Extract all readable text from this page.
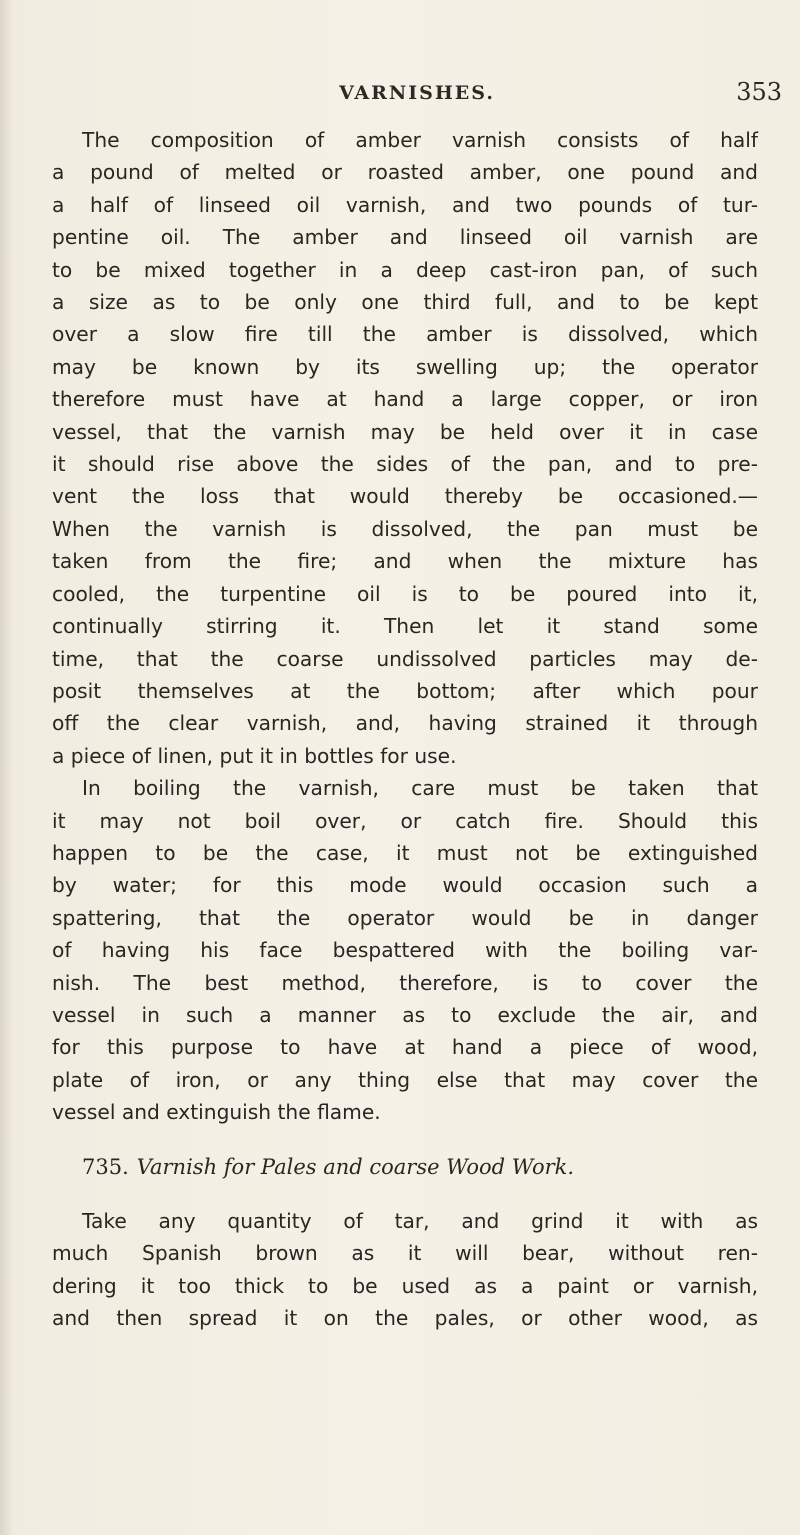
VARNISHES.	353
The composition of amber varnish consists of half
a pound of melted or roasted amber, one pound and
a half of linseed oil varnish, and two pounds of tur-
pentine oil. The amber and linseed oil varnish are
to be mixed together in a deep cast-iron pan, of such
a size as to be only one third full, and to be kept
over a slow fire till the amber is dissolved, which
may be known by its swelling up; the operator
therefore must have at hand a large copper, or iron
vessel, that the varnish may be held over it in case
it should rise above the sides of the pan, and to pre-
vent the loss that would thereby be occasioned.—
When the varnish is dissolved, the pan must be
taken from the fire; and when the mixture has
cooled, the turpentine oil is to be poured into it,
continually stirring it. Then let it stand some
time, that the coarse undissolved particles may de-
posit themselves at the bottom; after which pour
off the clear varnish, and, having strained it through
a piece of linen, put it in bottles for use.
In boiling the varnish, care must be taken that
it may not boil over, or catch fire. Should this
happen to be the case, it must not be extinguished
by water; for this mode would occasion such a
spattering, that the operator would be in danger
of having his face bespattered with the boiling var-
nish. The best method, therefore, is to cover the
vessel in such a manner as to exclude the air, and
for this purpose to have at hand a piece of wood,
plate of iron, or any thing else that may cover the
vessel and extinguish the flame.
735. Varnish for Pales and coarse Wood Work.
Take any quantity of tar, and grind it with as
much Spanish brown as it will bear, without ren-
dering it too thick to be used as a paint or varnish,
and then spread it on the pales, or other wood, as
